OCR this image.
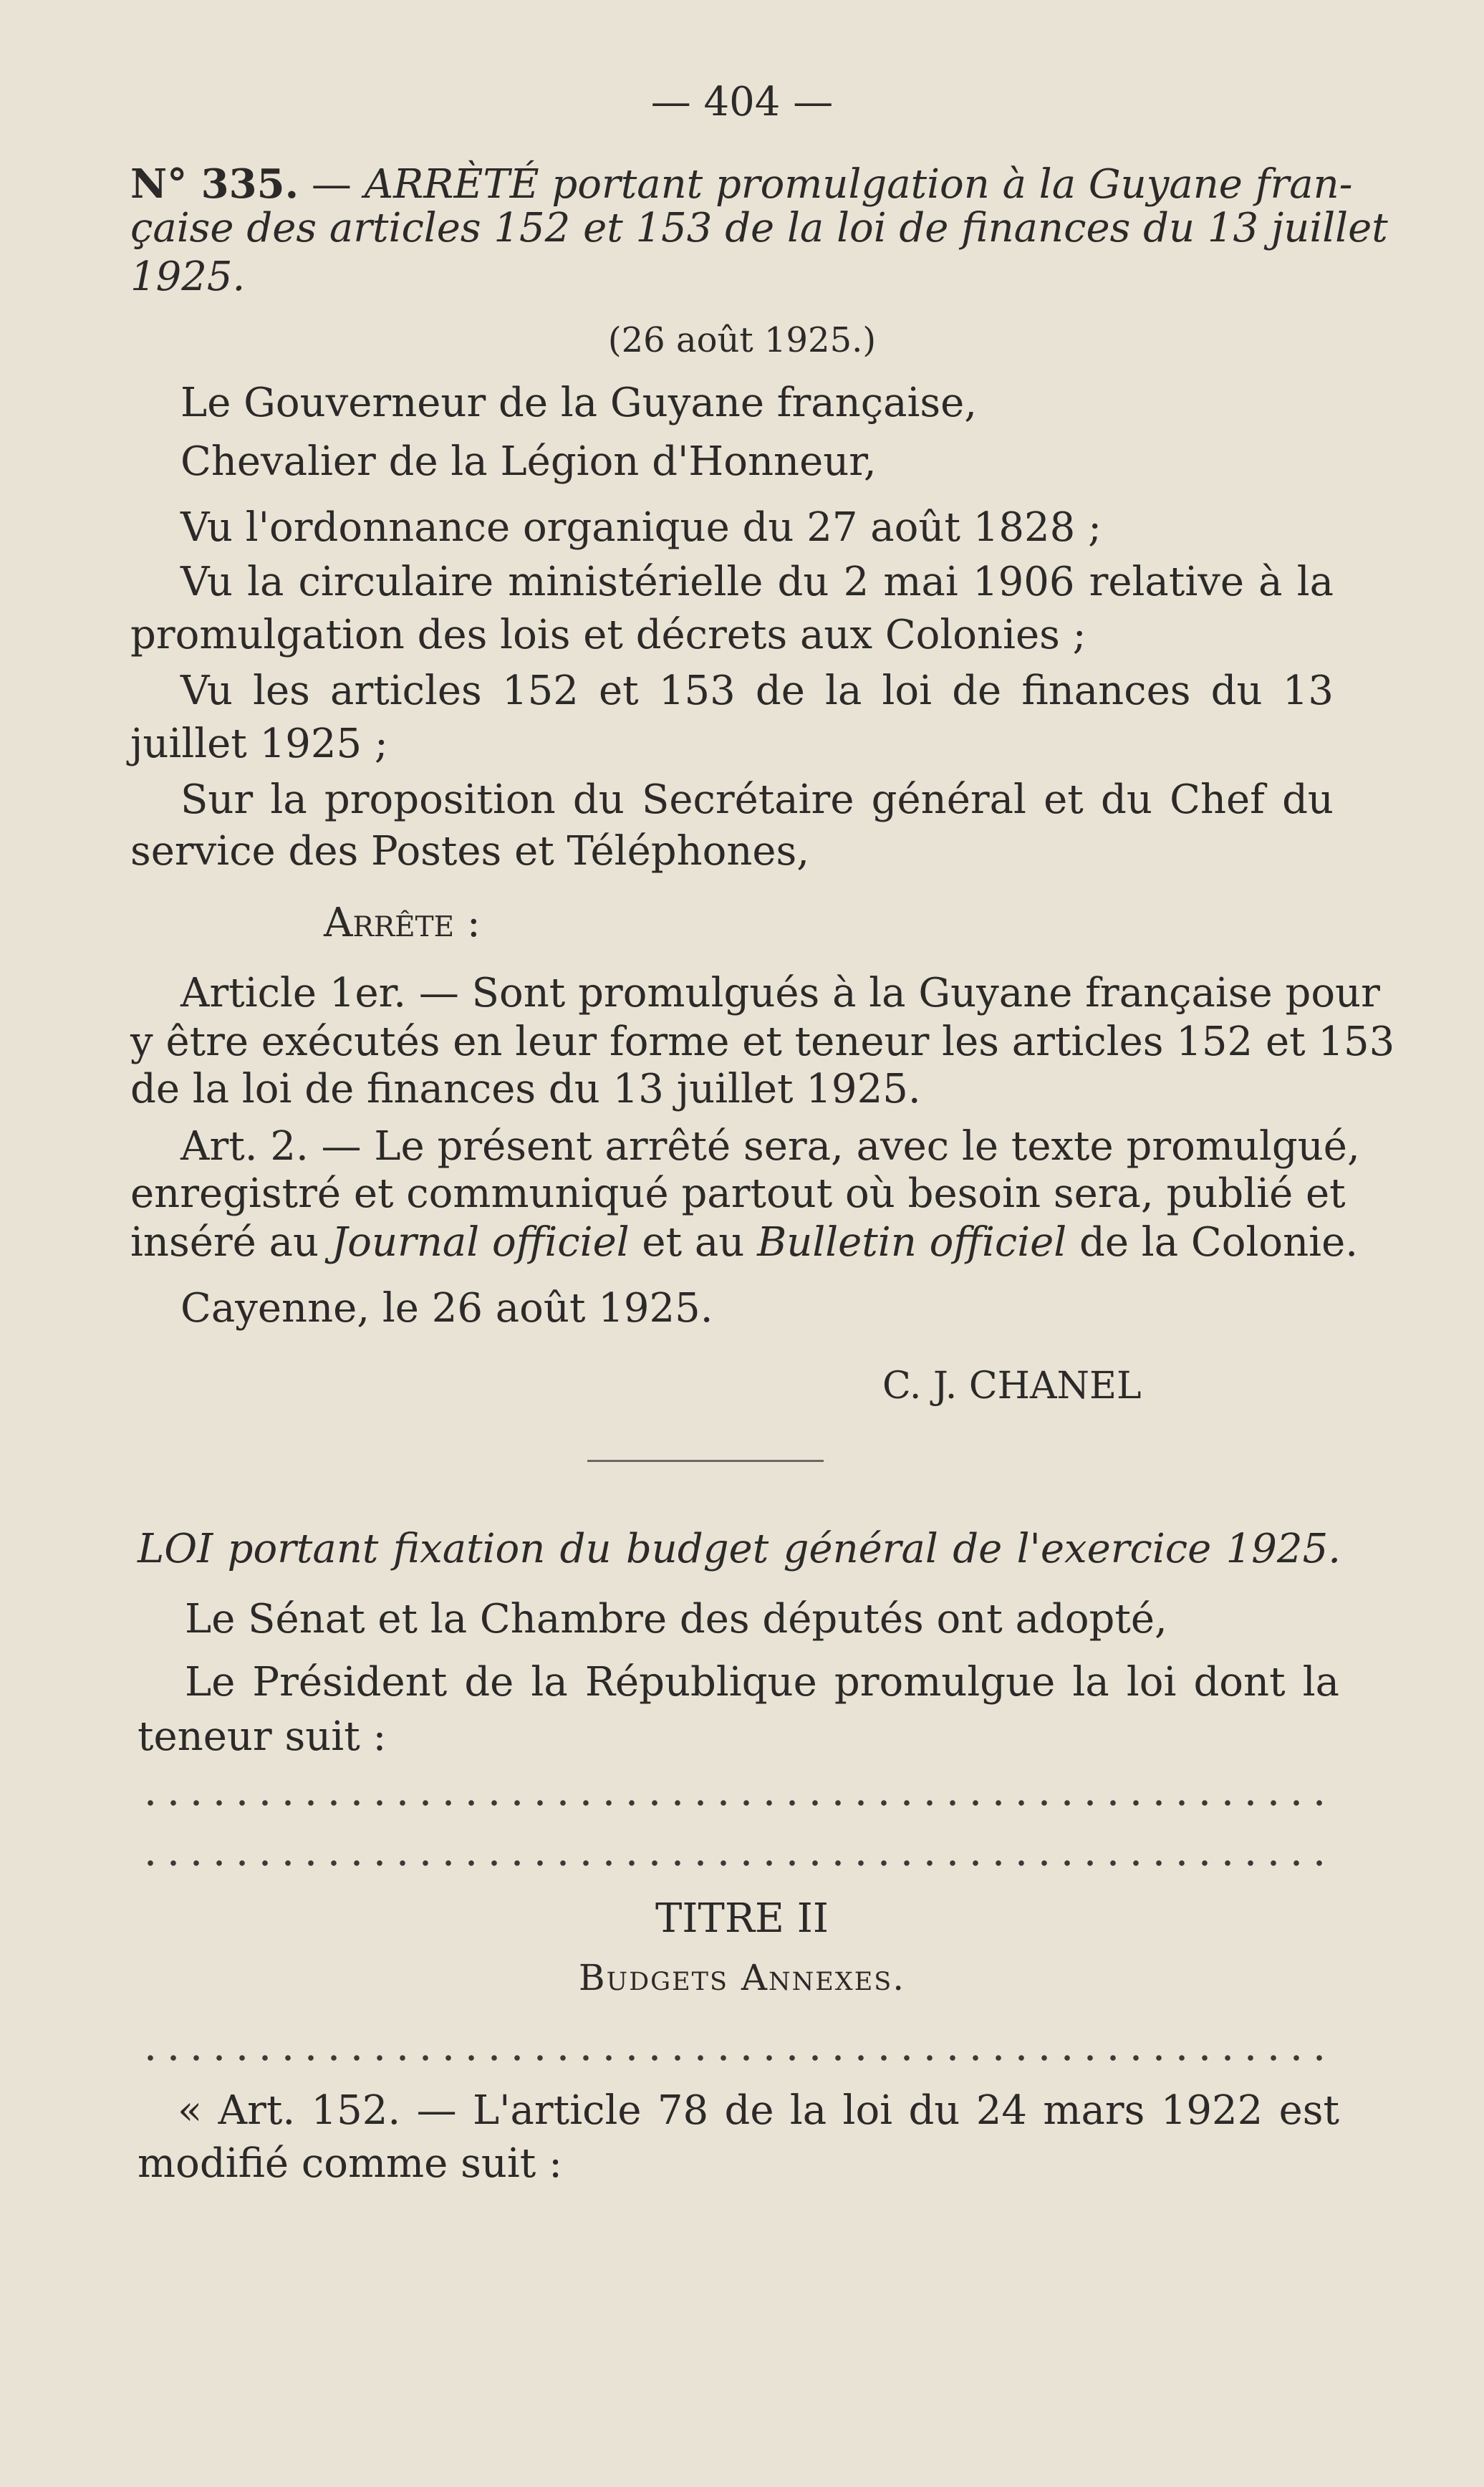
— 404 —
N° 335. — ARRÈTÉ portant promulgation à la Guyane fran-
çaise des articles 152 et 153 de la loi de finances du 13 juillet
1925.
(26 août 1925.)
Le Gouverneur de la Guyane française,
Chevalier de la Légion d'Honneur,
Vu l'ordonnance organique du 27 août 1828 ;
Vu la circulaire ministérielle du 2 mai 1906 relative à la
promulgation des lois et décrets aux Colonies ;
Vu les articles 152 et 153 de la loi de finances du 13
juillet 1925 ;
Sur la proposition du Secrétaire général et du Chef du
service des Postes et Téléphones,
Arrête :
Article 1er. — Sont promulgués à la Guyane française pour
y être exécutés en leur forme et teneur les articles 152 et 153
de la loi de finances du 13 juillet 1925.
Art. 2. — Le présent arrêté sera, avec le texte promulgué,
enregistré et communiqué partout où besoin sera, publié et
inséré au Journal officiel et au Bulletin officiel de la Colonie.
Cayenne, le 26 août 1925.
C. J. CHANEL
LOI portant fixation du budget général de l'exercice 1925.
Le Sénat et la Chambre des députés ont adopté,
Le Président de la République promulgue la loi dont la
teneur suit :
TITRE II
Budgets Annexes.
« Art. 152. — L'article 78 de la loi du 24 mars 1922 est
modifié comme suit :
